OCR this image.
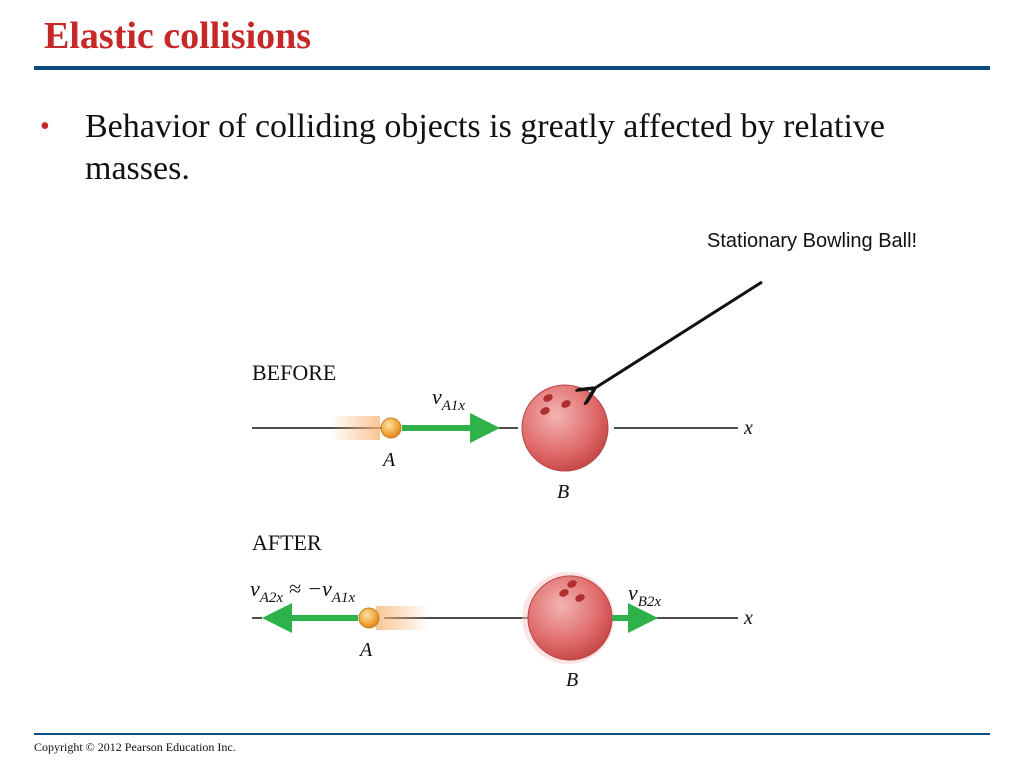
Elastic collisions
• Behavior of colliding objects is greatly affected by relative masses.
Stationary Bowling Ball!
BEFORE
x
A
$v_{A1x}$
B
AFTER
x
A
$v_{A2x} \approx -v_{A1x}$
B
$v_{B2x}$
Copyright © 2012 Pearson Education Inc.
